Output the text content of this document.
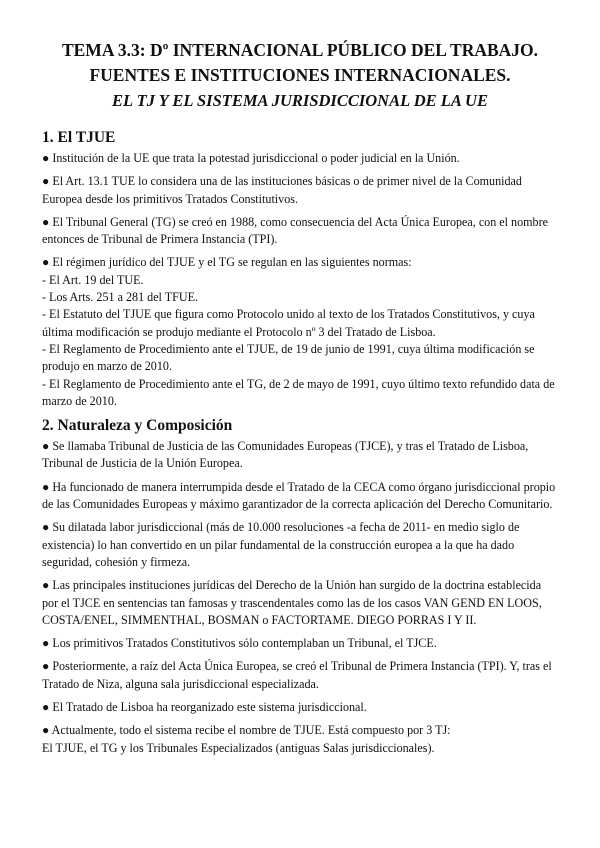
TEMA 3.3: Dº INTERNACIONAL PÚBLICO DEL TRABAJO.
FUENTES E INSTITUCIONES INTERNACIONALES.
EL TJ Y EL SISTEMA JURISDICCIONAL DE LA UE
1. El TJUE

● Institución de la UE que trata la potestad jurisdiccional o poder judicial en la Unión.

● El Art. 13.1 TUE lo considera una de las instituciones básicas o de primer nivel de la Comunidad Europea desde los primitivos Tratados Constitutivos.

● El Tribunal General (TG) se creó en 1988, como consecuencia del Acta Única Europea, con el nombre entonces de Tribunal de Primera Instancia (TPI).

● El régimen jurídico del TJUE y el TG se regulan en las siguientes normas:

- El Art. 19 del TUE.

- Los Arts. 251 a 281 del TFUE.

- El Estatuto del TJUE que figura como Protocolo unido al texto de los Tratados Constitutivos, y cuya última modificación se produjo mediante el Protocolo nº 3 del Tratado de Lisboa.

- El Reglamento de Procedimiento ante el TJUE, de 19 de junio de 1991, cuya última modificación se produjo en marzo de 2010.

- El Reglamento de Procedimiento ante el TG, de 2 de mayo de 1991, cuyo último texto refundido data de marzo de 2010.

2. Naturaleza y Composición

● Se llamaba Tribunal de Justicia de las Comunidades Europeas (TJCE), y tras el Tratado de Lisboa, Tribunal de Justicia de la Unión Europea.

● Ha funcionado de manera interrumpida desde el Tratado de la CECA como órgano jurisdiccional propio de las Comunidades Europeas y máximo garantizador de la correcta aplicación del Derecho Comunitario.

● Su dilatada labor jurisdiccional (más de 10.000 resoluciones -a fecha de 2011- en medio siglo de existencia) lo han convertido en un pilar fundamental de la construcción europea a la que ha dado seguridad, cohesión y firmeza.

● Las principales instituciones jurídicas del Derecho de la Unión han surgido de la doctrina establecida por el TJCE en sentencias tan famosas y trascendentales como las de los casos VAN GEND EN LOOS, COSTA/ENEL, SIMMENTHAL, BOSMAN o FACTORTAME. DIEGO PORRAS I Y II.

● Los primitivos Tratados Constitutivos sólo contemplaban un Tribunal, el TJCE.

● Posteriormente, a raíz del Acta Única Europea, se creó el Tribunal de Primera Instancia (TPI). Y, tras el Tratado de Niza, alguna sala jurisdiccional especializada.

● El Tratado de Lisboa ha reorganizado este sistema jurisdiccional.

● Actualmente, todo el sistema recibe el nombre de TJUE. Está compuesto por 3 TJ:

El TJUE, el TG y los Tribunales Especializados (antiguas Salas jurisdiccionales).
